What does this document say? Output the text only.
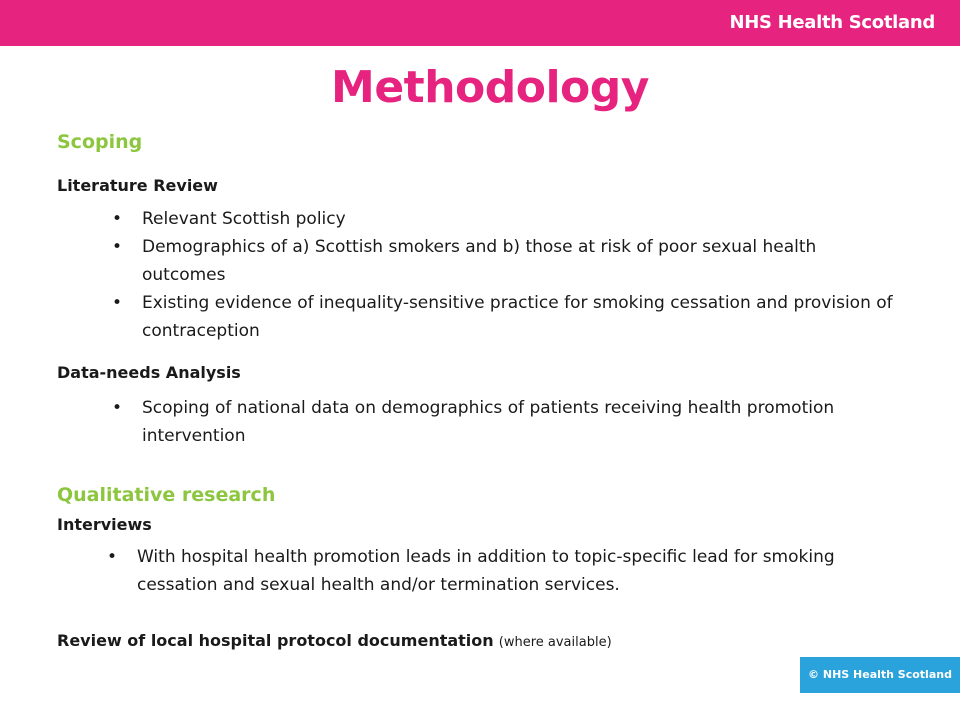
NHS Health Scotland
Methodology
Scoping
Literature Review
• Relevant Scottish policy
• Demographics of a) Scottish smokers and b) those at risk of poor sexual health outcomes
• Existing evidence of inequality-sensitive practice for smoking cessation and provision of contraception
Data-needs Analysis
• Scoping of national data on demographics of patients receiving health promotion intervention
Qualitative research
Interviews
• With hospital health promotion leads in addition to topic-specific lead for smoking cessation and sexual health and/or termination services.

Review of local hospital protocol documentation (where available)

© NHS Health Scotland
